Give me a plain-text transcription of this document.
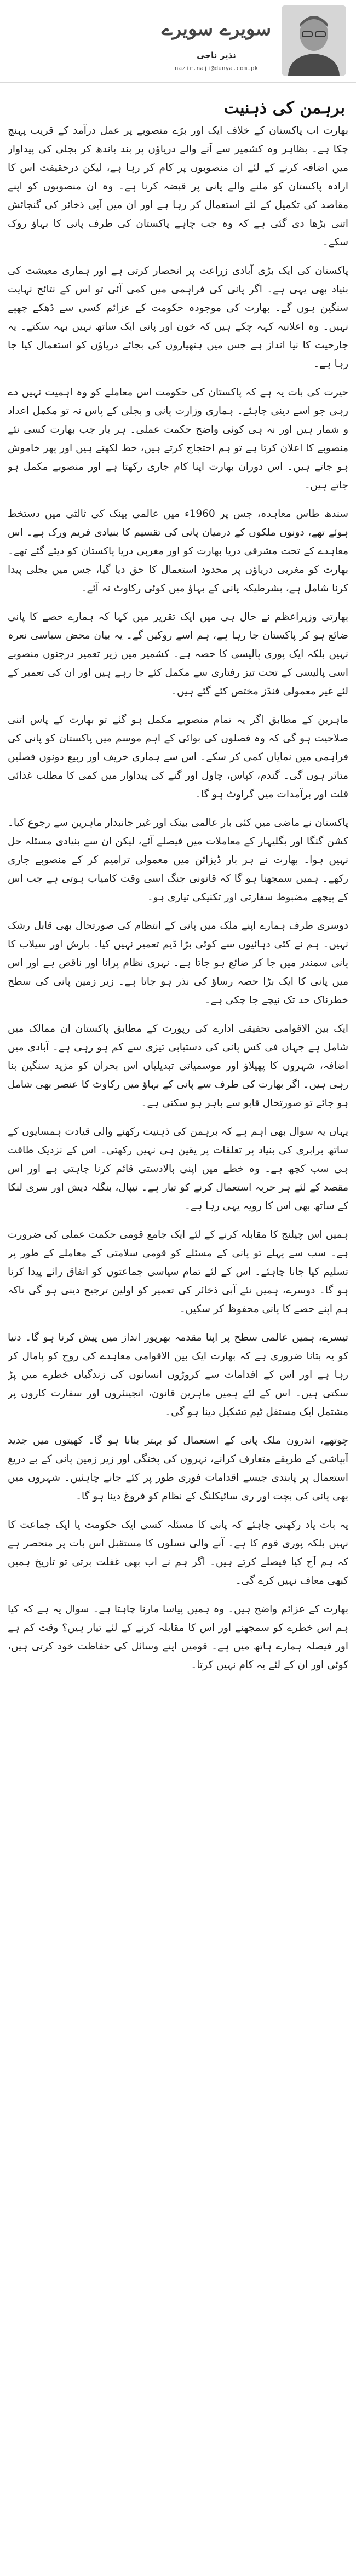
سویرے سویرے
نذیر ناجی
nazir.naji@dunya.com.pk
برہمن کی ذہنیت

بھارت اب پاکستان کے خلاف ایک اور بڑے منصوبے پر عمل درآمد کے قریب پہنچ چکا ہے۔ بظاہر وہ کشمیر سے آنے والے دریاؤں پر بند باندھ کر بجلی کی پیداوار میں اضافہ کرنے کے لئے ان منصوبوں پر کام کر رہا ہے، لیکن درحقیقت اس کا ارادہ پاکستان کو ملنے والے پانی پر قبضہ کرنا ہے۔ وہ ان منصوبوں کو اپنے مقاصد کی تکمیل کے لئے استعمال کر رہا ہے اور ان میں آبی ذخائر کی گنجائش اتنی بڑھا دی گئی ہے کہ وہ جب چاہے پاکستان کی طرف پانی کا بہاؤ روک سکے۔

پاکستان کی ایک بڑی آبادی زراعت پر انحصار کرتی ہے اور ہماری معیشت کی بنیاد بھی یہی ہے۔ اگر پانی کی فراہمی میں کمی آئی تو اس کے نتائج نہایت سنگین ہوں گے۔ بھارت کی موجودہ حکومت کے عزائم کسی سے ڈھکے چھپے نہیں۔ وہ اعلانیہ کہہ چکے ہیں کہ خون اور پانی ایک ساتھ نہیں بہہ سکتے۔ یہ جارحیت کا نیا انداز ہے جس میں ہتھیاروں کی بجائے دریاؤں کو استعمال کیا جا رہا ہے۔

حیرت کی بات یہ ہے کہ پاکستان کی حکومت اس معاملے کو وہ اہمیت نہیں دے رہی جو اسے دینی چاہئے۔ ہماری وزارت پانی و بجلی کے پاس نہ تو مکمل اعداد و شمار ہیں اور نہ ہی کوئی واضح حکمت عملی۔ ہر بار جب بھارت کسی نئے منصوبے کا اعلان کرتا ہے تو ہم احتجاج کرتے ہیں، خط لکھتے ہیں اور پھر خاموش ہو جاتے ہیں۔ اس دوران بھارت اپنا کام جاری رکھتا ہے اور منصوبے مکمل ہو جاتے ہیں۔

سندھ طاس معاہدہ، جس پر 1960ء میں عالمی بینک کی ثالثی میں دستخط ہوئے تھے، دونوں ملکوں کے درمیان پانی کی تقسیم کا بنیادی فریم ورک ہے۔ اس معاہدے کے تحت مشرقی دریا بھارت کو اور مغربی دریا پاکستان کو دیئے گئے تھے۔ بھارت کو مغربی دریاؤں پر محدود استعمال کا حق دیا گیا، جس میں بجلی پیدا کرنا شامل ہے، بشرطیکہ پانی کے بہاؤ میں کوئی رکاوٹ نہ آئے۔

بھارتی وزیراعظم نے حال ہی میں ایک تقریر میں کہا کہ ہمارے حصے کا پانی ضائع ہو کر پاکستان جا رہا ہے، ہم اسے روکیں گے۔ یہ بیان محض سیاسی نعرہ نہیں بلکہ ایک پوری پالیسی کا حصہ ہے۔ کشمیر میں زیر تعمیر درجنوں منصوبے اسی پالیسی کے تحت تیز رفتاری سے مکمل کئے جا رہے ہیں اور ان کی تعمیر کے لئے غیر معمولی فنڈز مختص کئے گئے ہیں۔

ماہرین کے مطابق اگر یہ تمام منصوبے مکمل ہو گئے تو بھارت کے پاس اتنی صلاحیت ہو گی کہ وہ فصلوں کی بوائی کے اہم موسم میں پاکستان کو پانی کی فراہمی میں نمایاں کمی کر سکے۔ اس سے ہماری خریف اور ربیع دونوں فصلیں متاثر ہوں گی۔ گندم، کپاس، چاول اور گنے کی پیداوار میں کمی کا مطلب غذائی قلت اور برآمدات میں گراوٹ ہو گا۔

پاکستان نے ماضی میں کئی بار عالمی بینک اور غیر جانبدار ماہرین سے رجوع کیا۔ کشن گنگا اور بگلیہار کے معاملات میں فیصلے آئے، لیکن ان سے بنیادی مسئلہ حل نہیں ہوا۔ بھارت نے ہر بار ڈیزائن میں معمولی ترامیم کر کے منصوبے جاری رکھے۔ ہمیں سمجھنا ہو گا کہ قانونی جنگ اسی وقت کامیاب ہوتی ہے جب اس کے پیچھے مضبوط سفارتی اور تکنیکی تیاری ہو۔

دوسری طرف ہمارے اپنے ملک میں پانی کے انتظام کی صورتحال بھی قابل رشک نہیں۔ ہم نے کئی دہائیوں سے کوئی بڑا ڈیم تعمیر نہیں کیا۔ بارش اور سیلاب کا پانی سمندر میں جا کر ضائع ہو جاتا ہے۔ نہری نظام پرانا اور ناقص ہے اور اس میں پانی کا ایک بڑا حصہ رساؤ کی نذر ہو جاتا ہے۔ زیر زمین پانی کی سطح خطرناک حد تک نیچے جا چکی ہے۔

ایک بین الاقوامی تحقیقی ادارے کی رپورٹ کے مطابق پاکستان ان ممالک میں شامل ہے جہاں فی کس پانی کی دستیابی تیزی سے کم ہو رہی ہے۔ آبادی میں اضافہ، شہروں کا پھیلاؤ اور موسمیاتی تبدیلیاں اس بحران کو مزید سنگین بنا رہی ہیں۔ اگر بھارت کی طرف سے پانی کے بہاؤ میں رکاوٹ کا عنصر بھی شامل ہو جائے تو صورتحال قابو سے باہر ہو سکتی ہے۔

یہاں یہ سوال بھی اہم ہے کہ برہمن کی ذہنیت رکھنے والی قیادت ہمسایوں کے ساتھ برابری کی بنیاد پر تعلقات پر یقین ہی نہیں رکھتی۔ اس کے نزدیک طاقت ہی سب کچھ ہے۔ وہ خطے میں اپنی بالادستی قائم کرنا چاہتی ہے اور اس مقصد کے لئے ہر حربہ استعمال کرنے کو تیار ہے۔ نیپال، بنگلہ دیش اور سری لنکا کے ساتھ بھی اس کا رویہ یہی رہا ہے۔

ہمیں اس چیلنج کا مقابلہ کرنے کے لئے ایک جامع قومی حکمت عملی کی ضرورت ہے۔ سب سے پہلے تو پانی کے مسئلے کو قومی سلامتی کے معاملے کے طور پر تسلیم کیا جانا چاہئے۔ اس کے لئے تمام سیاسی جماعتوں کو اتفاق رائے پیدا کرنا ہو گا۔ دوسرے، ہمیں نئے آبی ذخائر کی تعمیر کو اولین ترجیح دینی ہو گی تاکہ ہم اپنے حصے کا پانی محفوظ کر سکیں۔

تیسرے، ہمیں عالمی سطح پر اپنا مقدمہ بھرپور انداز میں پیش کرنا ہو گا۔ دنیا کو یہ بتانا ضروری ہے کہ بھارت ایک بین الاقوامی معاہدے کی روح کو پامال کر رہا ہے اور اس کے اقدامات سے کروڑوں انسانوں کی زندگیاں خطرے میں پڑ سکتی ہیں۔ اس کے لئے ہمیں ماہرین قانون، انجینئروں اور سفارت کاروں پر مشتمل ایک مستقل ٹیم تشکیل دینا ہو گی۔

چوتھے، اندرون ملک پانی کے استعمال کو بہتر بنانا ہو گا۔ کھیتوں میں جدید آبپاشی کے طریقے متعارف کرانے، نہروں کی پختگی اور زیر زمین پانی کے بے دریغ استعمال پر پابندی جیسے اقدامات فوری طور پر کئے جانے چاہئیں۔ شہروں میں بھی پانی کی بچت اور ری سائیکلنگ کے نظام کو فروغ دینا ہو گا۔

یہ بات یاد رکھنی چاہئے کہ پانی کا مسئلہ کسی ایک حکومت یا ایک جماعت کا نہیں بلکہ پوری قوم کا ہے۔ آنے والی نسلوں کا مستقبل اس بات پر منحصر ہے کہ ہم آج کیا فیصلے کرتے ہیں۔ اگر ہم نے اب بھی غفلت برتی تو تاریخ ہمیں کبھی معاف نہیں کرے گی۔

بھارت کے عزائم واضح ہیں۔ وہ ہمیں پیاسا مارنا چاہتا ہے۔ سوال یہ ہے کہ کیا ہم اس خطرے کو سمجھنے اور اس کا مقابلہ کرنے کے لئے تیار ہیں؟ وقت کم ہے اور فیصلہ ہمارے ہاتھ میں ہے۔ قومیں اپنے وسائل کی حفاظت خود کرتی ہیں، کوئی اور ان کے لئے یہ کام نہیں کرتا۔
